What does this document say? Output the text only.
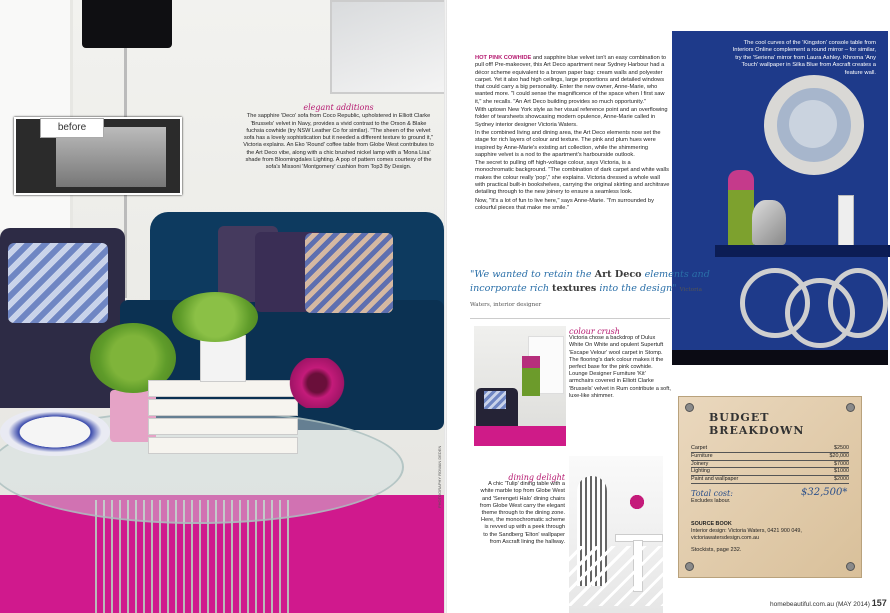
before
elegant additions
The sapphire 'Deco' sofa from Coco Republic, upholstered in Elliott Clarke 'Brussels' velvet in Navy, provides a vivid contrast to the Orson & Blake fuchsia cowhide (try NSW Leather Co for similar). "The sheen of the velvet sofa has a lovely sophistication but it needed a different texture to ground it," Victoria explains. An Eko 'Round' coffee table from Globe West contributes to the Art Deco vibe, along with a chic brushed nickel lamp with a 'Mona Lisa' shade from Bloomingdales Lighting. A pop of pattern comes courtesy of the sofa's Missoni 'Montgomery' cushion from Top3 By Design.
PHOTOGRAPHY ROWAN DEDEN

HOT PINK COWHIDE and sapphire blue velvet isn't an easy combination to pull off! Pre-makeover, this Art Deco apartment near Sydney Harbour had a décor scheme equivalent to a brown paper bag: cream walls and polyester carpet. Yet it also had high ceilings, large proportions and detailed windows that could carry a big personality. Enter the new owner, Anne-Marie, who wanted more. "I could sense the magnificence of the space when I first saw it," she recalls. "An Art Deco building provides so much opportunity."

With uptown New York style as her visual reference point and an overflowing folder of tearsheets showcasing modern opulence, Anne-Marie called in Sydney interior designer Victoria Waters.

In the combined living and dining area, the Art Deco elements now set the stage for rich layers of colour and texture. The pink and plum hues were inspired by Anne-Marie's existing art collection, while the shimmering sapphire velvet is a nod to the apartment's harbourside outlook.

The secret to pulling off high-voltage colour, says Victoria, is a monochromatic background. "The combination of dark carpet and white walls makes the colour really 'pop'," she explains. Victoria dressed a whole wall with practical built-in bookshelves, carrying the original skirting and architrave detailing through to the new joinery to ensure a seamless look.

Now, "It's a lot of fun to live here," says Anne-Marie. "I'm surrounded by colourful pieces that make me smile."

The cool curves of the 'Kingston' console table from Interiors Online complement a round mirror – for similar, try the 'Seriena' mirror from Laura Ashley. Khroma 'Any Touch' wallpaper in Silka Blue from Ascraft creates a feature wall.
"We wanted to retain the Art Deco elements and incorporate rich textures into the design" Victoria Waters, interior designer
colour crush
Victoria chose a backdrop of Dulux White On White and opulent Supertuft 'Escape Velour' wool carpet in Stomp. The flooring's dark colour makes it the perfect base for the pink cowhide. Lounge Designer Furniture 'Kit' armchairs covered in Elliott Clarke 'Brussels' velvet in Rum contribute a soft, luxe-like shimmer.
dining delight
A chic 'Tulip' dining table with a white marble top from Globe West and 'Serengeti Halo' dining chairs from Globe West carry the elegant theme through to the dining zone. Here, the monochromatic scheme is revved up with a peek through to the Sandberg 'Elton' wallpaper from Ascraft lining the hallway.
BUDGET BREAKDOWN
Carpet	$2500
Furniture	$20,000
Joinery	$7000
Lighting	$1000
Paint and wallpaper	$2000
Total cost:
Excludes labour.
$32,500*
SOURCE BOOK
Interior design: Victoria Waters, 0421 900 049, victoriawatersdesign.com.au
Stockists, page 232.
homebeautiful.com.au (MAY 2014) 157
